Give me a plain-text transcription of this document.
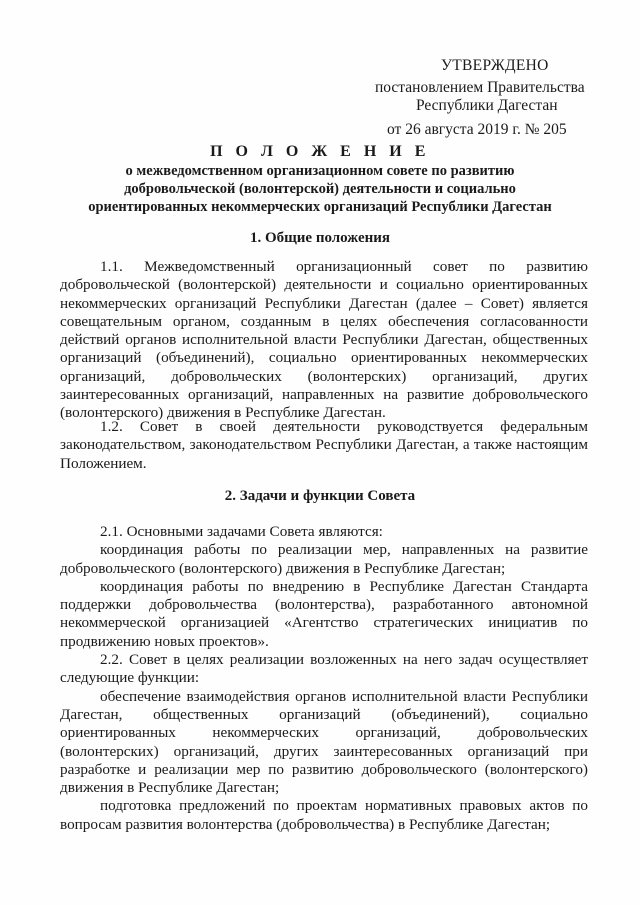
УТВЕРЖДЕНО
постановлением Правительства
Республики Дагестан
от 26 августа 2019 г. № 205
П О Л О Ж Е Н И Е
о межведомственном организационном совете по развитию
добровольческой (волонтерской) деятельности и социально
ориентированных некоммерческих организаций Республики Дагестан
1. Общие положения

1.1. Межведомственный организационный совет по развитию добровольческой (волонтерской) деятельности и социально ориентированных некоммерческих организаций Республики Дагестан (далее – Совет) является совещательным органом, созданным в целях обеспечения согласованности действий органов исполнительной власти Республики Дагестан, общественных организаций (объединений), социально ориентированных некоммерческих организаций, добровольческих (волонтерских) организаций, других заинтересованных организаций, направленных на развитие добровольческого (волонтерского) движения в Республике Дагестан.

1.2. Совет в своей деятельности руководствуется федеральным законодательством, законодательством Республики Дагестан, а также настоящим Положением.

2. Задачи и функции Совета

2.1. Основными задачами Совета являются:

координация работы по реализации мер, направленных на развитие добровольческого (волонтерского) движения в Республике Дагестан;

координация работы по внедрению в Республике Дагестан Стандарта поддержки добровольчества (волонтерства), разработанного автономной некоммерческой организацией «Агентство стратегических инициатив по продвижению новых проектов».

2.2. Совет в целях реализации возложенных на него задач осуществляет следующие функции:

обеспечение взаимодействия органов исполнительной власти Республики Дагестан, общественных организаций (объединений), социально ориентированных некоммерческих организаций, добровольческих (волонтерских) организаций, других заинтересованных организаций при разработке и реализации мер по развитию добровольческого (волонтерского) движения в Республике Дагестан;

подготовка предложений по проектам нормативных правовых актов по вопросам развития волонтерства (добровольчества) в Республике Дагестан;
